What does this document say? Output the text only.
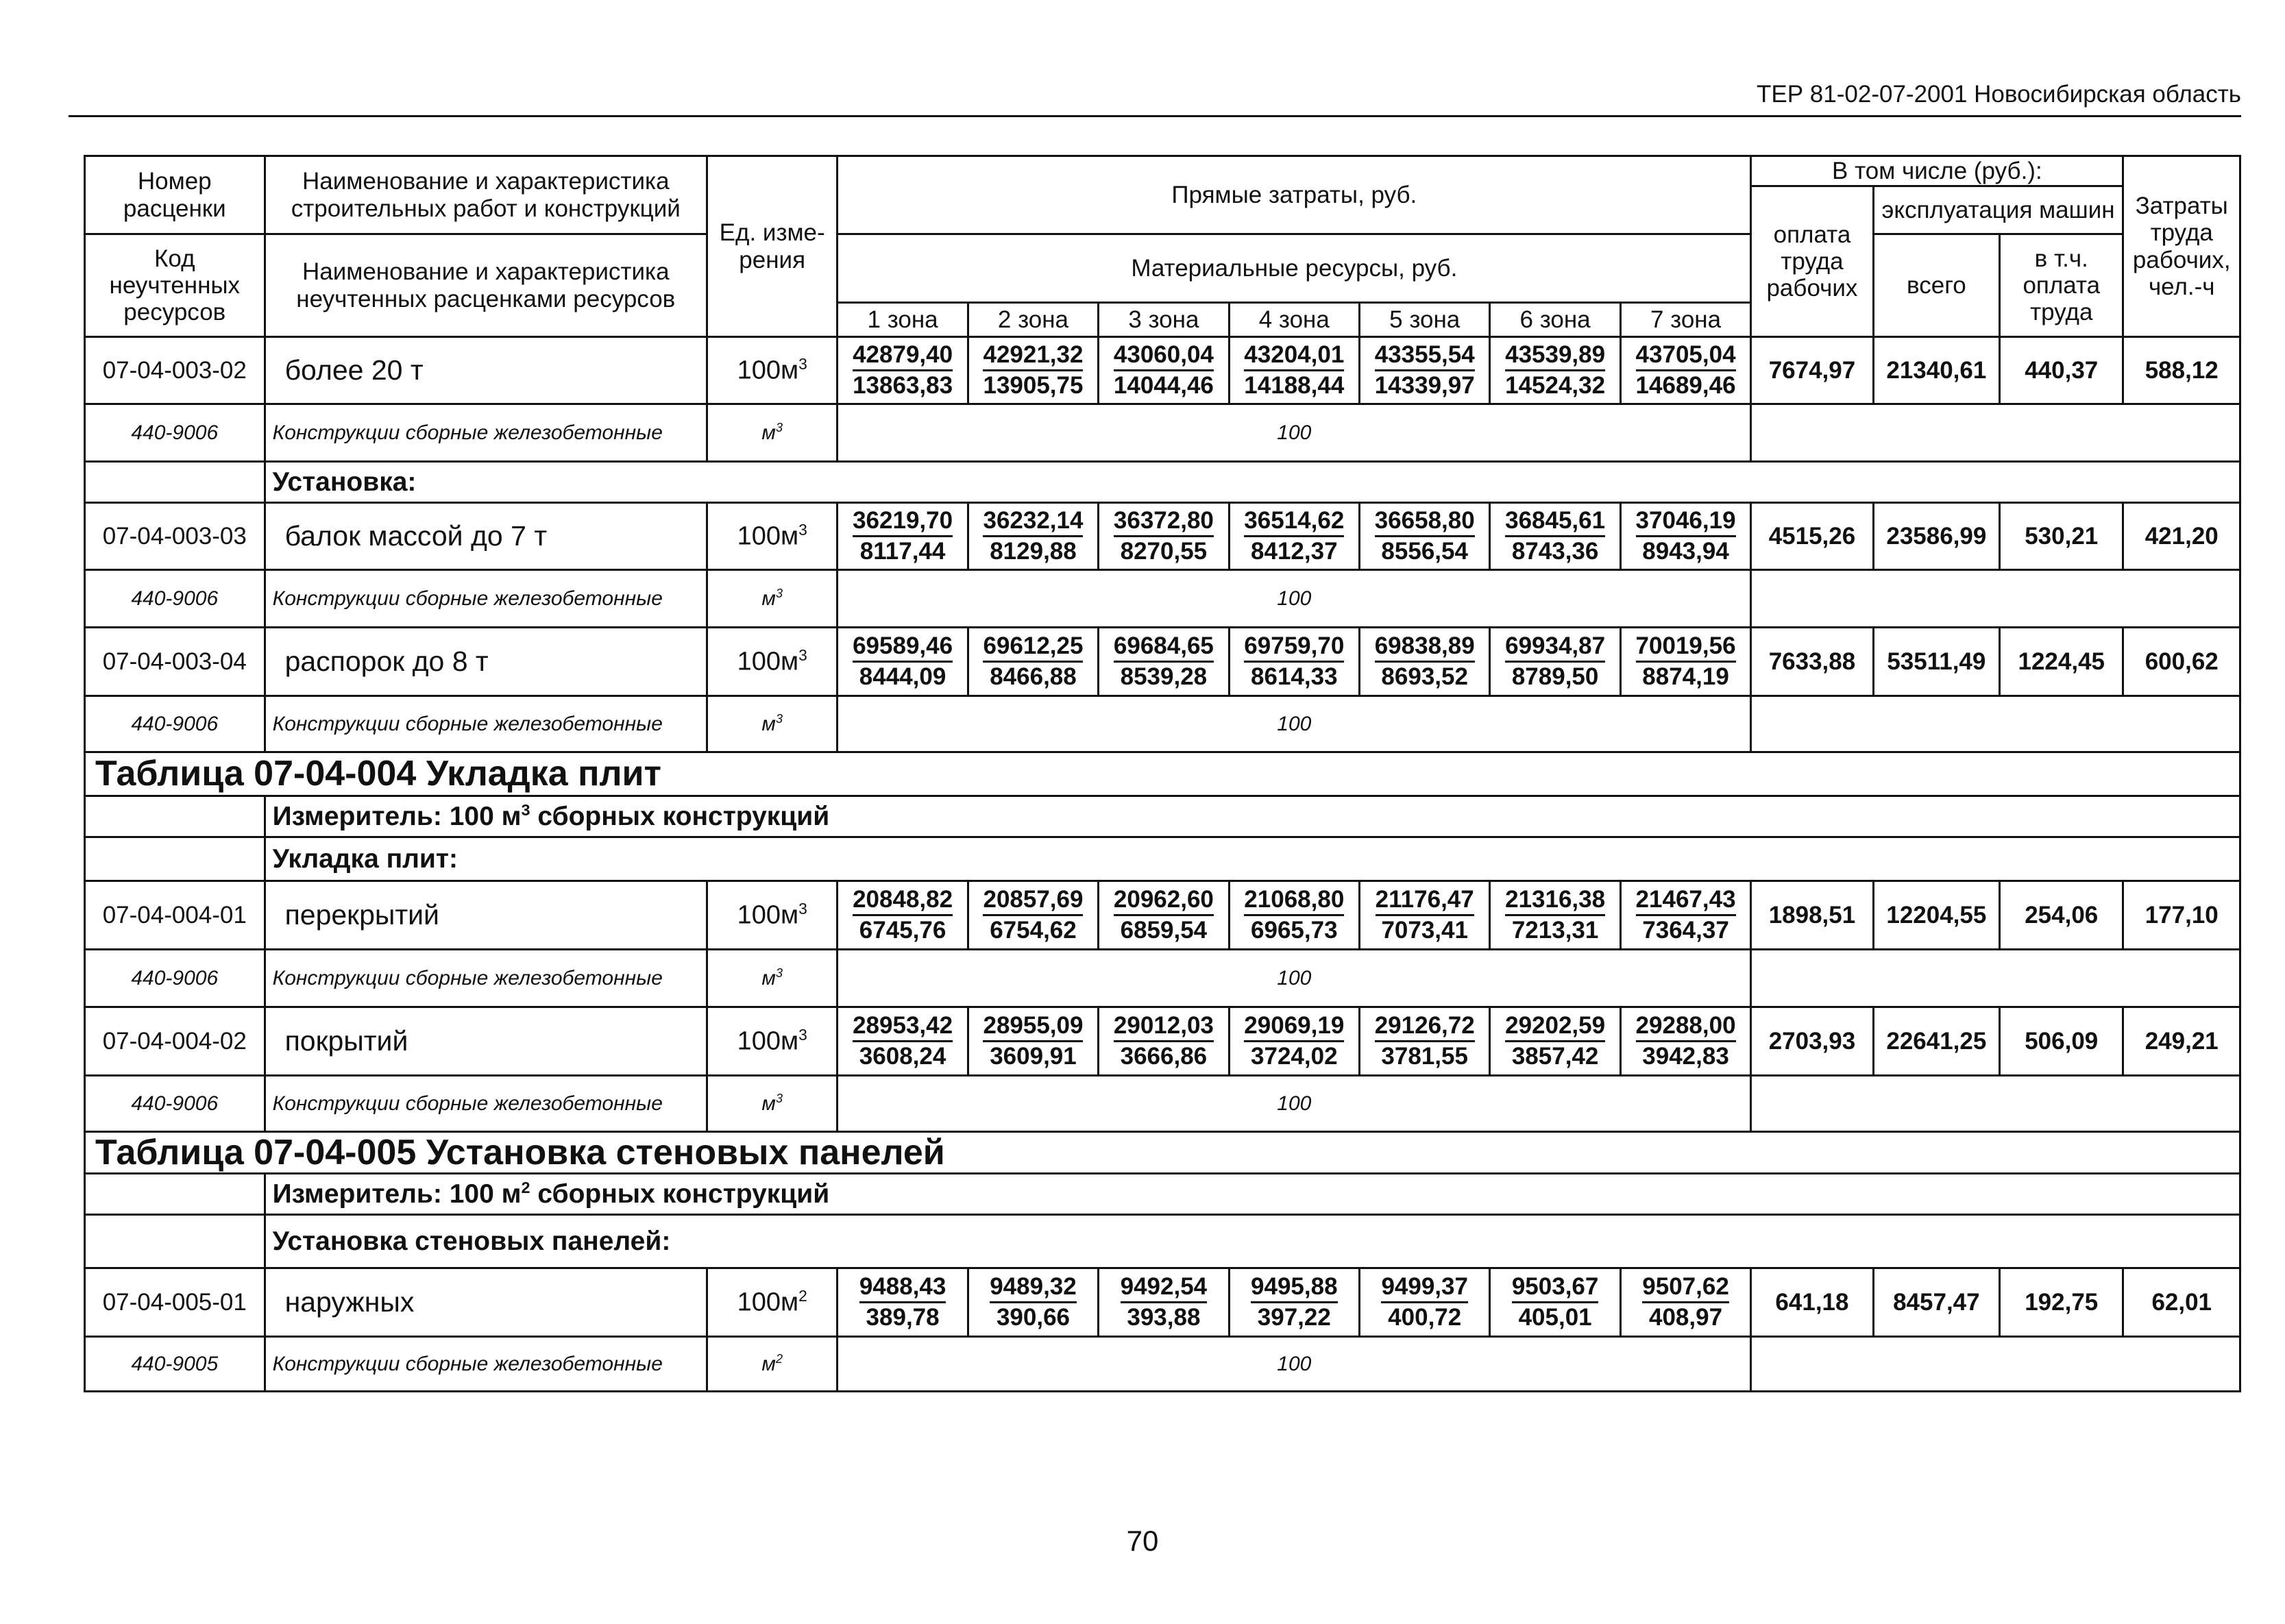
ТЕР 81-02-07-2001 Новосибирская область
Номер расценки	Наименование и характеристика строительных работ и конструкций	Ед. изме- рения	Прямые затраты, руб.							В том числе (руб.):			Затраты труда рабочих, чел.-ч
										оплата труда рабочих	эксплуатация машин		
Код неучтенных ресурсов	Наименование и характеристика неучтенных расценками ресурсов		Материальные ресурсы, руб.								всего	в т.ч. оплата труда	
			1 зона	2 зона	3 зона	4 зона	5 зона	6 зона	7 зона				
07-04-003-02	более 20 т	$100м^3$	$\frac{42879,40}{13863,83}$	$\frac{42921,32}{13905,75}$	$\frac{43060,04}{14044,46}$	$\frac{43204,01}{14188,44}$	$\frac{43355,54}{14339,97}$	$\frac{43539,89}{14524,32}$	$\frac{43705,04}{14689,46}$	7674,97	21340,61	440,37	588,12
440-9006	Конструкции сборные железобетонные	$м^3$	100										
	Установка:												
07-04-003-03	балок массой до 7 т	$100м^3$	$\frac{36219,70}{8117,44}$	$\frac{36232,14}{8129,88}$	$\frac{36372,80}{8270,55}$	$\frac{36514,62}{8412,37}$	$\frac{36658,80}{8556,54}$	$\frac{36845,61}{8743,36}$	$\frac{37046,19}{8943,94}$	4515,26	23586,99	530,21	421,20
440-9006	Конструкции сборные железобетонные	$м^3$	100										
07-04-003-04	распорок до 8 т	$100м^3$	$\frac{69589,46}{8444,09}$	$\frac{69612,25}{8466,88}$	$\frac{69684,65}{8539,28}$	$\frac{69759,70}{8614,33}$	$\frac{69838,89}{8693,52}$	$\frac{69934,87}{8789,50}$	$\frac{70019,56}{8874,19}$	7633,88	53511,49	1224,45	600,62
440-9006	Конструкции сборные железобетонные	$м^3$	100										
Таблица 07-04-004 Укладка плит													
	Измеритель: 100 $м^3$ сборных конструкций												
	Укладка плит:												
07-04-004-01	перекрытий	$100м^3$	$\frac{20848,82}{6745,76}$	$\frac{20857,69}{6754,62}$	$\frac{20962,60}{6859,54}$	$\frac{21068,80}{6965,73}$	$\frac{21176,47}{7073,41}$	$\frac{21316,38}{7213,31}$	$\frac{21467,43}{7364,37}$	1898,51	12204,55	254,06	177,10
440-9006	Конструкции сборные железобетонные	$м^3$	100										
07-04-004-02	покрытий	$100м^3$	$\frac{28953,42}{3608,24}$	$\frac{28955,09}{3609,91}$	$\frac{29012,03}{3666,86}$	$\frac{29069,19}{3724,02}$	$\frac{29126,72}{3781,55}$	$\frac{29202,59}{3857,42}$	$\frac{29288,00}{3942,83}$	2703,93	22641,25	506,09	249,21
440-9006	Конструкции сборные железобетонные	$м^3$	100										
Таблица 07-04-005 Установка стеновых панелей													
	Измеритель: 100 $м^2$ сборных конструкций												
	Установка стеновых панелей:												
07-04-005-01	наружных	$100м^2$	$\frac{9488,43}{389,78}$	$\frac{9489,32}{390,66}$	$\frac{9492,54}{393,88}$	$\frac{9495,88}{397,22}$	$\frac{9499,37}{400,72}$	$\frac{9503,67}{405,01}$	$\frac{9507,62}{408,97}$	641,18	8457,47	192,75	62,01
440-9005	Конструкции сборные железобетонные	$м^2$	100										
70
